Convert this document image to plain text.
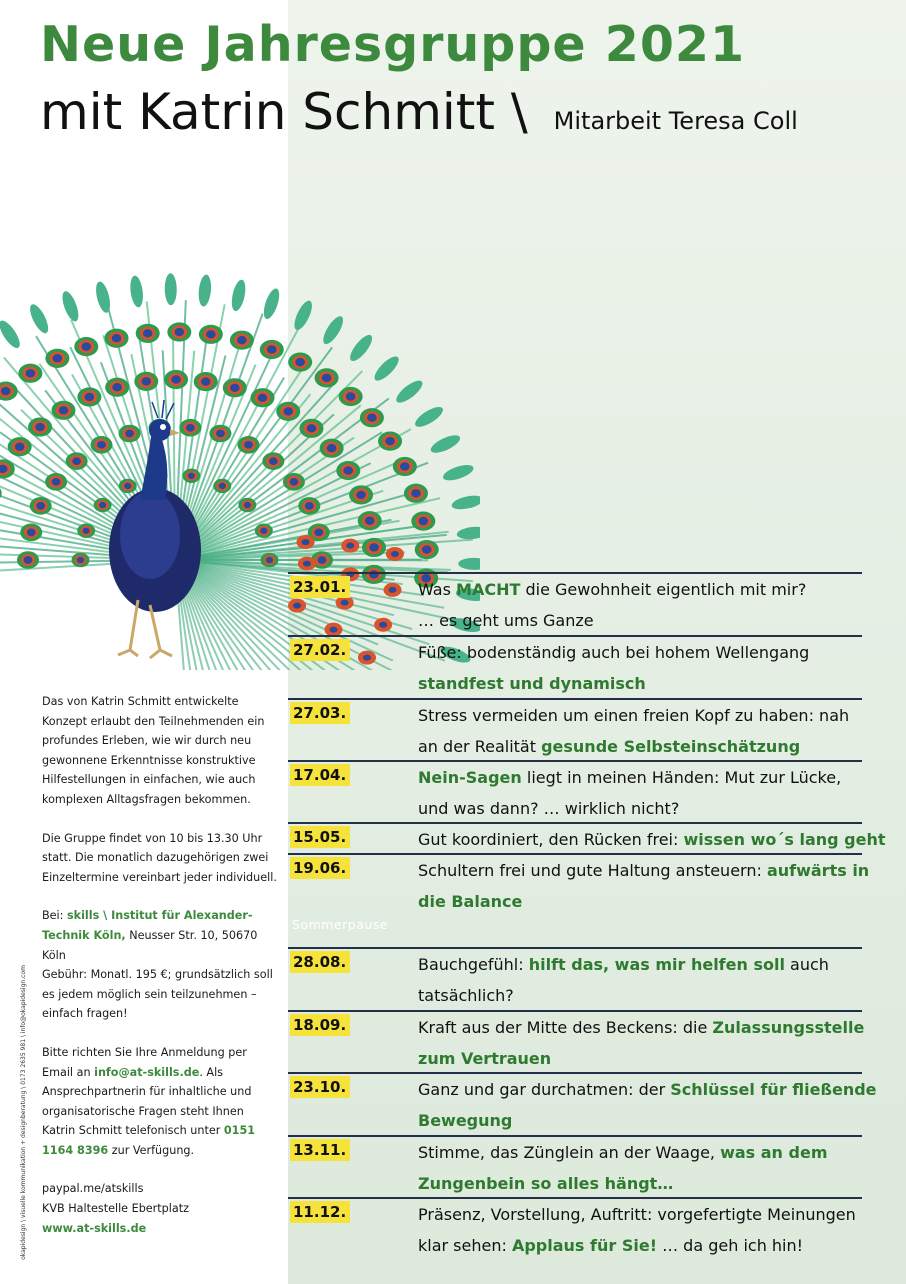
Neue Jahresgruppe 2021
mit Katrin Schmitt \ Mitarbeit Teresa Coll

Das von Katrin Schmitt entwickelte Konzept erlaubt den Teilnehmenden ein profundes Erleben, wie wir durch neu gewonnene Erkenntnisse konstruktive Hilfestellungen in einfachen, wie auch komplexen Alltagsfragen bekommen.

Die Gruppe findet von 10 bis 13.30 Uhr statt. Die monatlich dazugehörigen zwei Einzeltermine vereinbart jeder individuell.

Bei: skills \ Institut für Alexander-Technik Köln, Neusser Str. 10, 50670 Köln
Gebühr: Monatl. 195 €; grundsätzlich soll es jedem möglich sein teilzunehmen – einfach fragen!

Bitte richten Sie Ihre Anmeldung per Email an info@at-skills.de. Als Ansprechpartnerin für inhaltliche und organisatorische Fragen steht Ihnen Katrin Schmitt telefonisch unter 0151 1164 8396 zur Verfügung.

paypal.me/atskills
KVB Haltestelle Ebertplatz
www.at-skills.de

okapidesign \ visuelle kommunikation + designberatung \ 0173 2635 981 \ info@okapidesign.com
Sommerpause
23.01.	Was MACHT die Gewohnheit eigentlich mit mir?
… es geht ums Ganze
27.02.	Füße: bodenständig auch bei hohem Wellengang
standfest und dynamisch
27.03.	Stress vermeiden um einen freien Kopf zu haben: nah
an der Realität gesunde Selbsteinschätzung
17.04.	Nein-Sagen liegt in meinen Händen: Mut zur Lücke,
und was dann? … wirklich nicht?
15.05.	Gut koordiniert, den Rücken frei: wissen wo´s lang geht
19.06.	Schultern frei und gute Haltung ansteuern: aufwärts in
die Balance
28.08.	Bauchgefühl: hilft das, was mir helfen soll auch
tatsächlich?
18.09.	Kraft aus der Mitte des Beckens: die Zulassungsstelle
zum Vertrauen
23.10.	Ganz und gar durchatmen: der Schlüssel für fließende
Bewegung
13.11.	Stimme, das Zünglein an der Waage, was an dem
Zungenbein so alles hängt…
11.12.	Präsenz, Vorstellung, Auftritt: vorgefertigte Meinungen
klar sehen: Applaus für Sie! … da geh ich hin!
